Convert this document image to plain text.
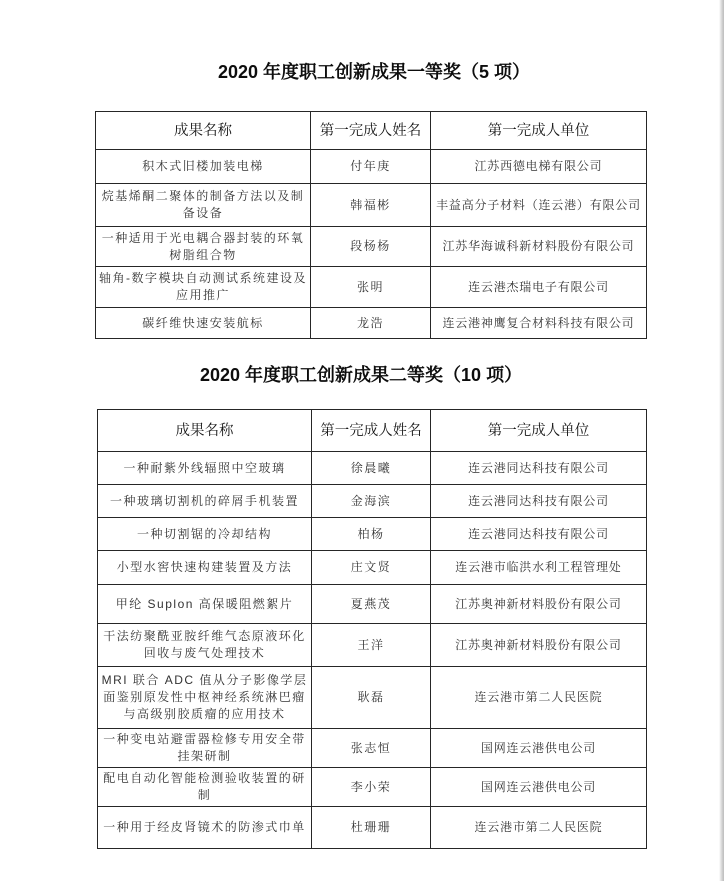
2020 年度职工创新成果一等奖（5 项）
成果名称	第一完成人姓名	第一完成人单位
积木式旧楼加装电梯	付年庚	江苏西德电梯有限公司
烷基烯酮二聚体的制备方法以及制备设备	韩福彬	丰益高分子材料（连云港）有限公司
一种适用于光电耦合器封装的环氧树脂组合物	段杨杨	江苏华海诚科新材料股份有限公司
轴角-数字模块自动测试系统建设及应用推广	张明	连云港杰瑞电子有限公司
碳纤维快速安装航标	龙浩	连云港神鹰复合材料科技有限公司
2020 年度职工创新成果二等奖（10 项）
成果名称	第一完成人姓名	第一完成人单位
一种耐紫外线辐照中空玻璃	徐晨曦	连云港同达科技有限公司
一种玻璃切割机的碎屑手机装置	金海滨	连云港同达科技有限公司
一种切割锯的冷却结构	柏杨	连云港同达科技有限公司
小型水窖快速构建装置及方法	庄文贤	连云港市临洪水利工程管理处
甲纶 Suplon 高保暖阻燃絮片	夏燕茂	江苏奥神新材料股份有限公司
干法纺聚酰亚胺纤维气态原液环化回收与废气处理技术	王洋	江苏奥神新材料股份有限公司
MRI 联合 ADC 值从分子影像学层面鉴别原发性中枢神经系统淋巴瘤与高级别胶质瘤的应用技术	耿磊	连云港市第二人民医院
一种变电站避雷器检修专用安全带挂架研制	张志恒	国网连云港供电公司
配电自动化智能检测验收装置的研制	李小荣	国网连云港供电公司
一种用于经皮肾镜术的防渗式巾单	杜珊珊	连云港市第二人民医院
